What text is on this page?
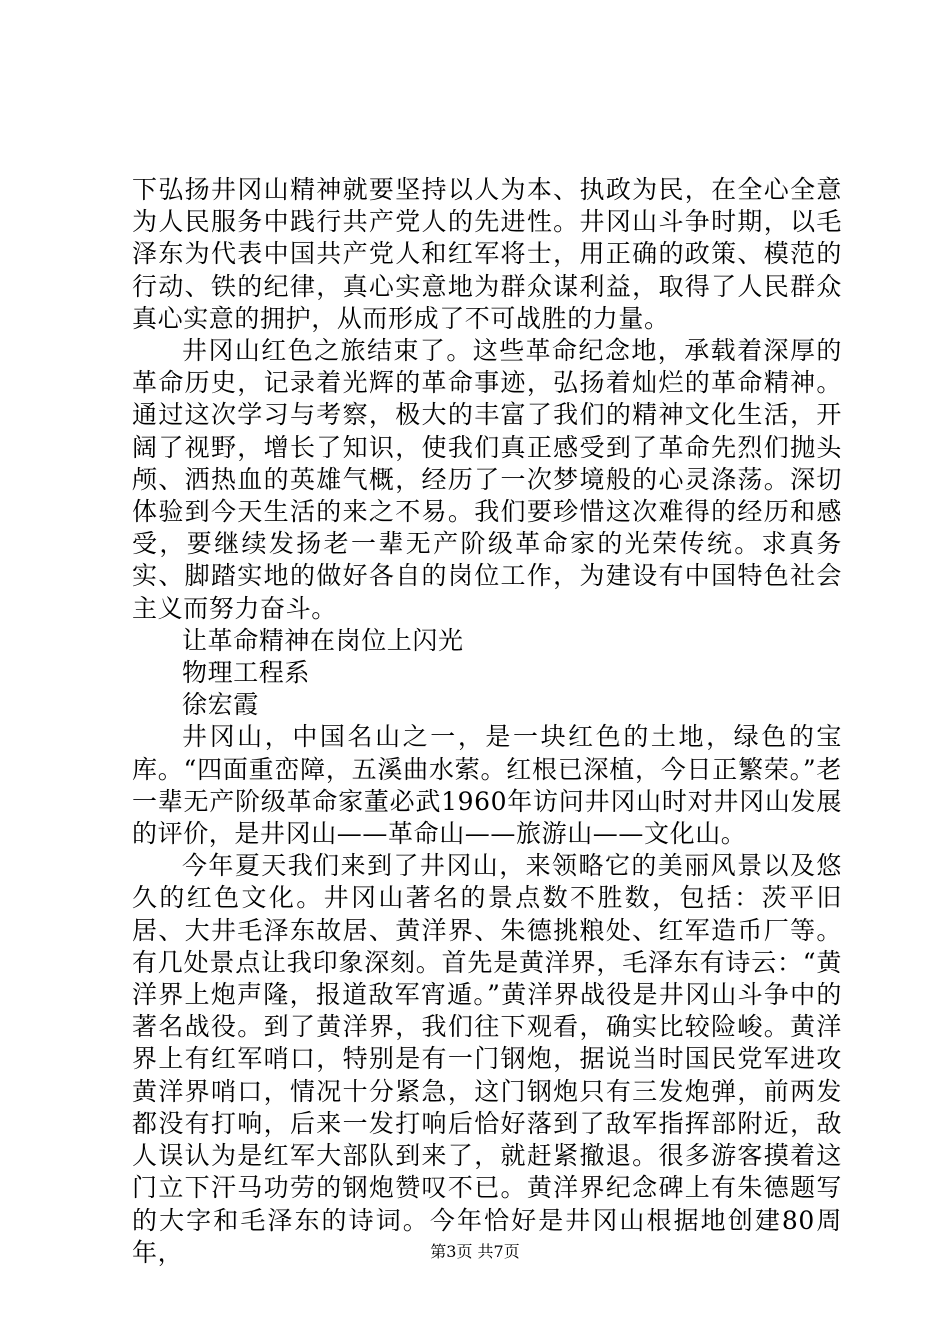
下弘扬井冈山精神就要坚持以人为本、执政为民，在全心全意为人民服务中践行共产党人的先进性。井冈山斗争时期，以毛泽东为代表中国共产党人和红军将士，用正确的政策、模范的行动、铁的纪律，真心实意地为群众谋利益，取得了人民群众真心实意的拥护，从而形成了不可战胜的力量。

井冈山红色之旅结束了。这些革命纪念地，承载着深厚的革命历史，记录着光辉的革命事迹，弘扬着灿烂的革命精神。通过这次学习与考察，极大的丰富了我们的精神文化生活，开阔了视野，增长了知识，使我们真正感受到了革命先烈们抛头颅、洒热血的英雄气概，经历了一次梦境般的心灵涤荡。深切体验到今天生活的来之不易。我们要珍惜这次难得的经历和感受，要继续发扬老一辈无产阶级革命家的光荣传统。求真务实、脚踏实地的做好各自的岗位工作，为建设有中国特色社会主义而努力奋斗。

让革命精神在岗位上闪光

物理工程系

徐宏霞

井冈山，中国名山之一，是一块红色的土地，绿色的宝库。“四面重峦障，五溪曲水萦。红根已深植，今日正繁荣。”老一辈无产阶级革命家董必武1960年访问井冈山时对井冈山发展的评价，是井冈山——革命山——旅游山——文化山。

今年夏天我们来到了井冈山，来领略它的美丽风景以及悠久的红色文化。井冈山著名的景点数不胜数，包括：茨平旧居、大井毛泽东故居、黄洋界、朱德挑粮处、红军造币厂等。有几处景点让我印象深刻。首先是黄洋界，毛泽东有诗云：“黄洋界上炮声隆，报道敌军宵遁。”黄洋界战役是井冈山斗争中的著名战役。到了黄洋界，我们往下观看，确实比较险峻。黄洋界上有红军哨口，特别是有一门钢炮，据说当时国民党军进攻黄洋界哨口，情况十分紧急，这门钢炮只有三发炮弹，前两发都没有打响，后来一发打响后恰好落到了敌军指挥部附近，敌人误认为是红军大部队到来了，就赶紧撤退。很多游客摸着这门立下汗马功劳的钢炮赞叹不已。黄洋界纪念碑上有朱德题写的大字和毛泽东的诗词。今年恰好是井冈山根据地创建80周年，	第3页 共7页
